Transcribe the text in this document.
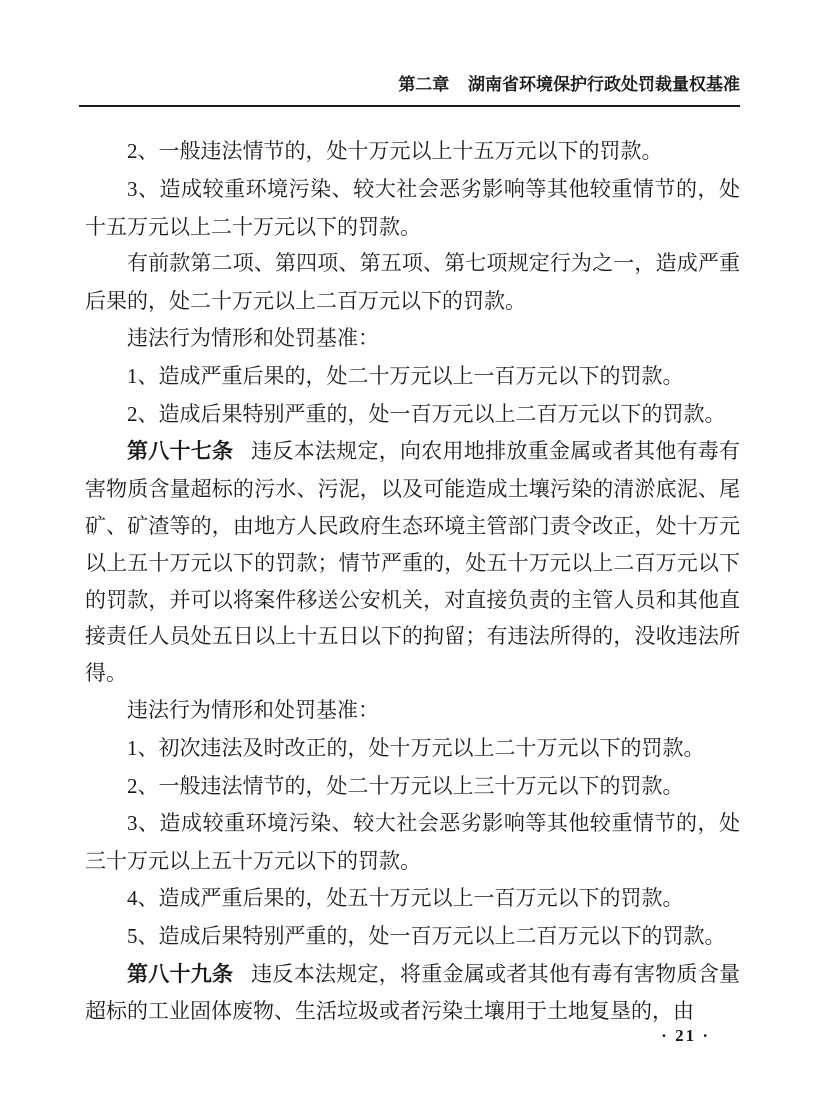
第二章 湖南省环境保护行政处罚裁量权基准

2、一般违法情节的，处十万元以上十五万元以下的罚款。

3、造成较重环境污染、较大社会恶劣影响等其他较重情节的，处十五万元以上二十万元以下的罚款。

有前款第二项、第四项、第五项、第七项规定行为之一，造成严重后果的，处二十万元以上二百万元以下的罚款。

违法行为情形和处罚基准：

1、造成严重后果的，处二十万元以上一百万元以下的罚款。

2、造成后果特别严重的，处一百万元以上二百万元以下的罚款。

第八十七条 违反本法规定，向农用地排放重金属或者其他有毒有害物质含量超标的污水、污泥，以及可能造成土壤污染的清淤底泥、尾矿、矿渣等的，由地方人民政府生态环境主管部门责令改正，处十万元以上五十万元以下的罚款；情节严重的，处五十万元以上二百万元以下的罚款，并可以将案件移送公安机关，对直接负责的主管人员和其他直接责任人员处五日以上十五日以下的拘留；有违法所得的，没收违法所得。

违法行为情形和处罚基准：

1、初次违法及时改正的，处十万元以上二十万元以下的罚款。

2、一般违法情节的，处二十万元以上三十万元以下的罚款。

3、造成较重环境污染、较大社会恶劣影响等其他较重情节的，处三十万元以上五十万元以下的罚款。

4、造成严重后果的，处五十万元以上一百万元以下的罚款。

5、造成后果特别严重的，处一百万元以上二百万元以下的罚款。

第八十九条 违反本法规定，将重金属或者其他有毒有害物质含量超标的工业固体废物、生活垃圾或者污染土壤用于土地复垦的，由

· 21 ·
